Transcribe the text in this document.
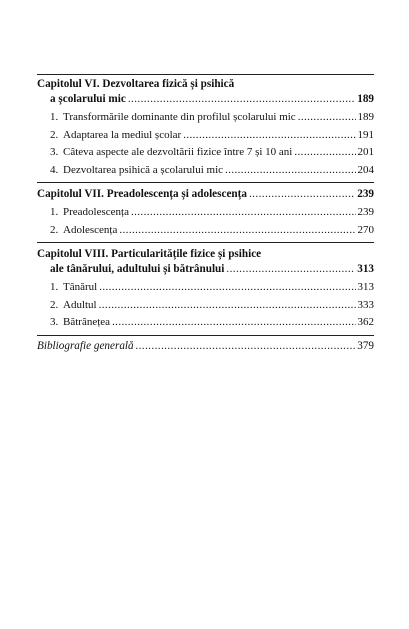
Capitolul VI. Dezvoltarea fizică și psihică
a școlarului mic .....	189
1. Transformările dominante din profilul școlarului mic .....	189
2. Adaptarea la mediul școlar .....	191
3. Câteva aspecte ale dezvoltării fizice între 7 și 10 ani .....	201
4. Dezvoltarea psihică a școlarului mic .....	204
Capitolul VII. Preadolescența și adolescența .....	239
1. Preadolescența .....	239
2. Adolescența .....	270
Capitolul VIII. Particularitățile fizice și psihice
ale tânărului, adultului și bătrânului .....	313
1. Tânărul .....	313
2. Adultul .....	333
3. Bătrânețea .....	362
Bibliografie generală .....	379
